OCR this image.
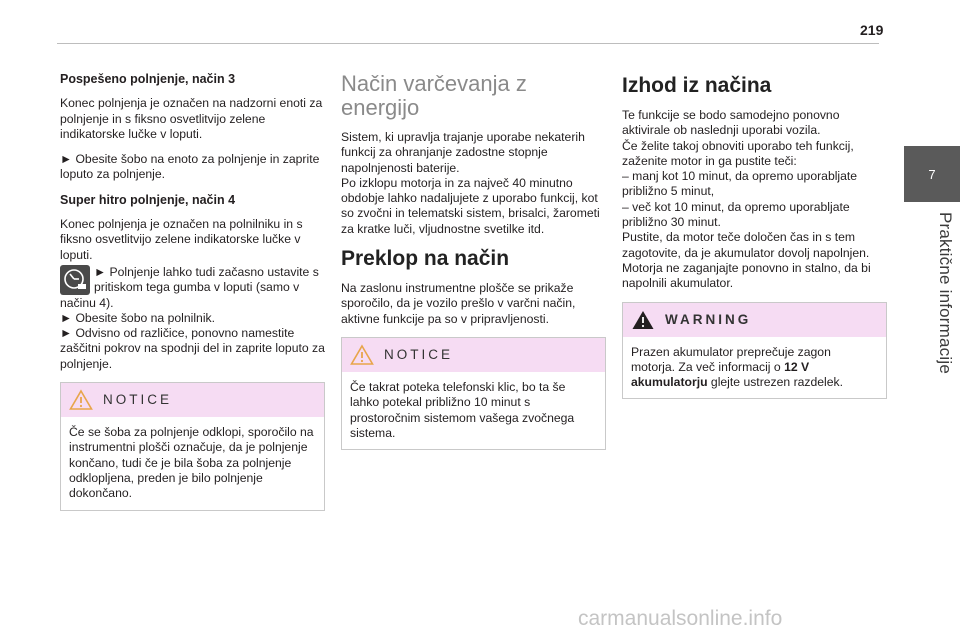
219
7
Praktične informacije
Pospešeno polnjenje, način 3
Konec polnjenja je označen na nadzorni enoti za polnjenje in s fiksno osvetlitvijo zelene indikatorske lučke v loputi.
► Obesite šobo na enoto za polnjenje in zaprite loputo za polnjenje.
Super hitro polnjenje, način 4
Konec polnjenja je označen na polnilniku in s fiksno osvetlitvijo zelene indikatorske lučke v loputi.
► Polnjenje lahko tudi začasno ustavite s pritiskom tega gumba v loputi (samo v načinu 4).
► Obesite šobo na polnilnik.
► Odvisno od različice, ponovno namestite zaščitni pokrov na spodnji del in zaprite loputo za polnjenje.
NOTICE
Če se šoba za polnjenje odklopi, sporočilo na instrumentni plošči označuje, da je polnjenje končano, tudi če je bila šoba za polnjenje odklopljena, preden je bilo polnjenje dokončano.
Način varčevanja z energijo
Sistem, ki upravlja trajanje uporabe nekaterih funkcij za ohranjanje zadostne stopnje napolnjenosti baterije.
Po izklopu motorja in za največ 40 minutno obdobje lahko nadaljujete z uporabo funkcij, kot so zvočni in telematski sistem, brisalci, žarometi za kratke luči, vljudnostne svetilke itd.
Preklop na način
Na zaslonu instrumentne plošče se prikaže sporočilo, da je vozilo prešlo v varčni način, aktivne funkcije pa so v pripravljenosti.
NOTICE
Če takrat poteka telefonski klic, bo ta še lahko potekal približno 10 minut s prostoročnim sistemom vašega zvočnega sistema.
Izhod iz načina
Te funkcije se bodo samodejno ponovno aktivirale ob naslednji uporabi vozila.
Če želite takoj obnoviti uporabo teh funkcij, zaženite motor in ga pustite teči:
– manj kot 10 minut, da opremo uporabljate približno 5 minut,
– več kot 10 minut, da opremo uporabljate približno 30 minut.
Pustite, da motor teče določen čas in s tem zagotovite, da je akumulator dovolj napolnjen.
Motorja ne zaganjajte ponovno in stalno, da bi napolnili akumulator.
WARNING
Prazen akumulator preprečuje zagon motorja. Za več informacij o 12 V akumulatorju glejte ustrezen razdelek.
carmanualsonline.info
